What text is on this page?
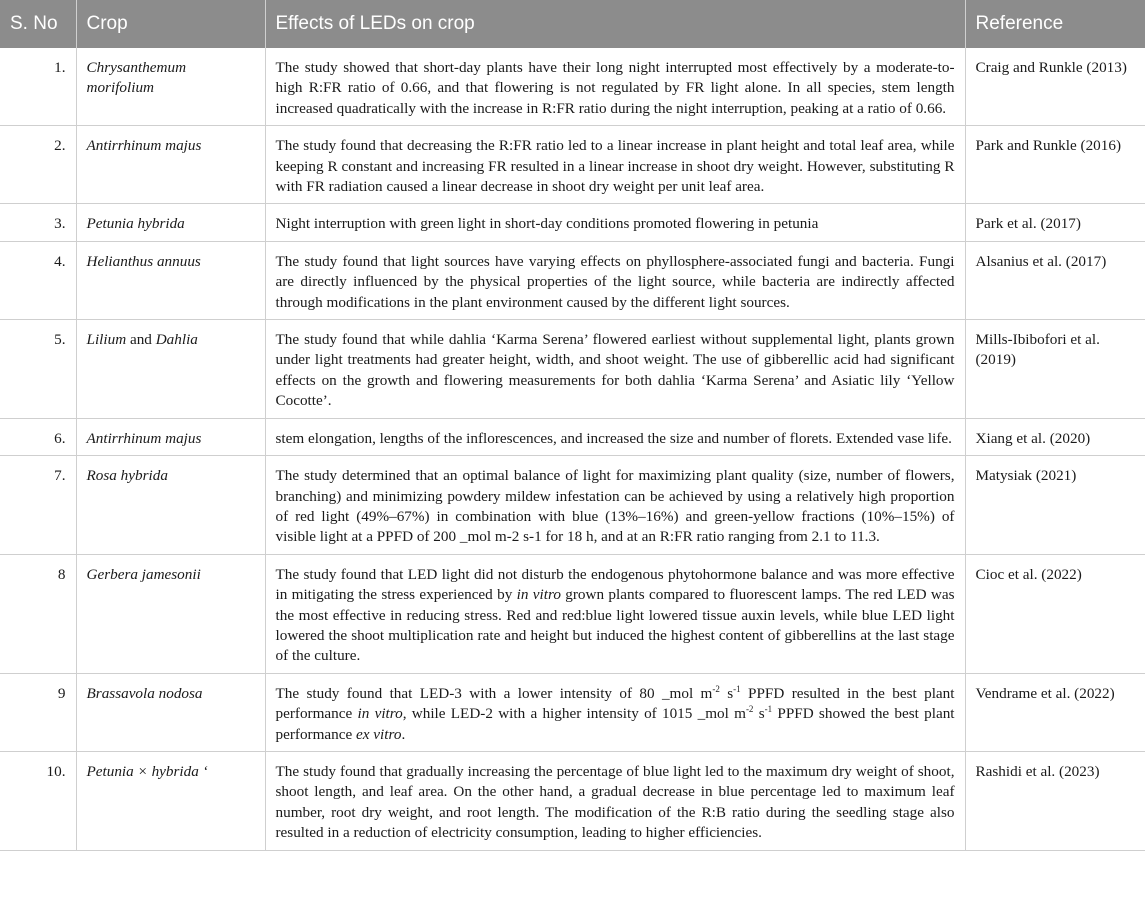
S. No	Crop	Effects of LEDs on crop	Reference
1.	Chrysanthemum morifolium	The study showed that short-day plants have their long night interrupted most effectively by a moderate-to-high R:FR ratio of 0.66, and that flowering is not regulated by FR light alone. In all species, stem length increased quadratically with the increase in R:FR ratio during the night interruption, peaking at a ratio of 0.66.	Craig and Runkle (2013)
2.	Antirrhinum majus	The study found that decreasing the R:FR ratio led to a linear increase in plant height and total leaf area, while keeping R constant and increasing FR resulted in a linear increase in shoot dry weight. However, substituting R with FR radiation caused a linear decrease in shoot dry weight per unit leaf area.	Park and Runkle (2016)
3.	Petunia hybrida	Night interruption with green light in short-day conditions promoted flowering in petunia	Park et al. (2017)
4.	Helianthus annuus	The study found that light sources have varying effects on phyllosphere-associated fungi and bacteria. Fungi are directly influenced by the physical properties of the light source, while bacteria are indirectly affected through modifications in the plant environment caused by the different light sources.	Alsanius et al. (2017)
5.	Lilium and Dahlia	The study found that while dahlia ‘Karma Serena’ flowered earliest without supplemental light, plants grown under light treatments had greater height, width, and shoot weight. The use of gibberellic acid had significant effects on the growth and flowering measurements for both dahlia ‘Karma Serena’ and Asiatic lily ‘Yellow Cocotte’.	Mills-Ibibofori et al. (2019)
6.	Antirrhinum majus	stem elongation, lengths of the inflorescences, and increased the size and number of florets. Extended vase life.	Xiang et al. (2020)
7.	Rosa hybrida	The study determined that an optimal balance of light for maximizing plant quality (size, number of flowers, branching) and minimizing powdery mildew infestation can be achieved by using a relatively high proportion of red light (49%–67%) in combination with blue (13%–16%) and green-yellow fractions (10%–15%) of visible light at a PPFD of 200 _mol m-2 s-1 for 18 h, and at an R:FR ratio ranging from 2.1 to 11.3.	Matysiak (2021)
8	Gerbera jamesonii	The study found that LED light did not disturb the endogenous phytohormone balance and was more effective in mitigating the stress experienced by in vitro grown plants compared to fluorescent lamps. The red LED was the most effective in reducing stress. Red and red:blue light lowered tissue auxin levels, while blue LED light lowered the shoot multiplication rate and height but induced the highest content of gibberellins at the last stage of the culture.	Cioc et al. (2022)
9	Brassavola nodosa	The study found that LED-3 with a lower intensity of 80 _mol $m^{-2}$ $s^{-1}$ PPFD resulted in the best plant performance in vitro, while LED-2 with a higher intensity of 1015 _mol $m^{-2}$ $s^{-1}$ PPFD showed the best plant performance ex vitro.	Vendrame et al. (2022)
10.	Petunia × hybrida ‘	The study found that gradually increasing the percentage of blue light led to the maximum dry weight of shoot, shoot length, and leaf area. On the other hand, a gradual decrease in blue percentage led to maximum leaf number, root dry weight, and root length. The modification of the R:B ratio during the seedling stage also resulted in a reduction of electricity consumption, leading to higher efficiencies.	Rashidi et al. (2023)
